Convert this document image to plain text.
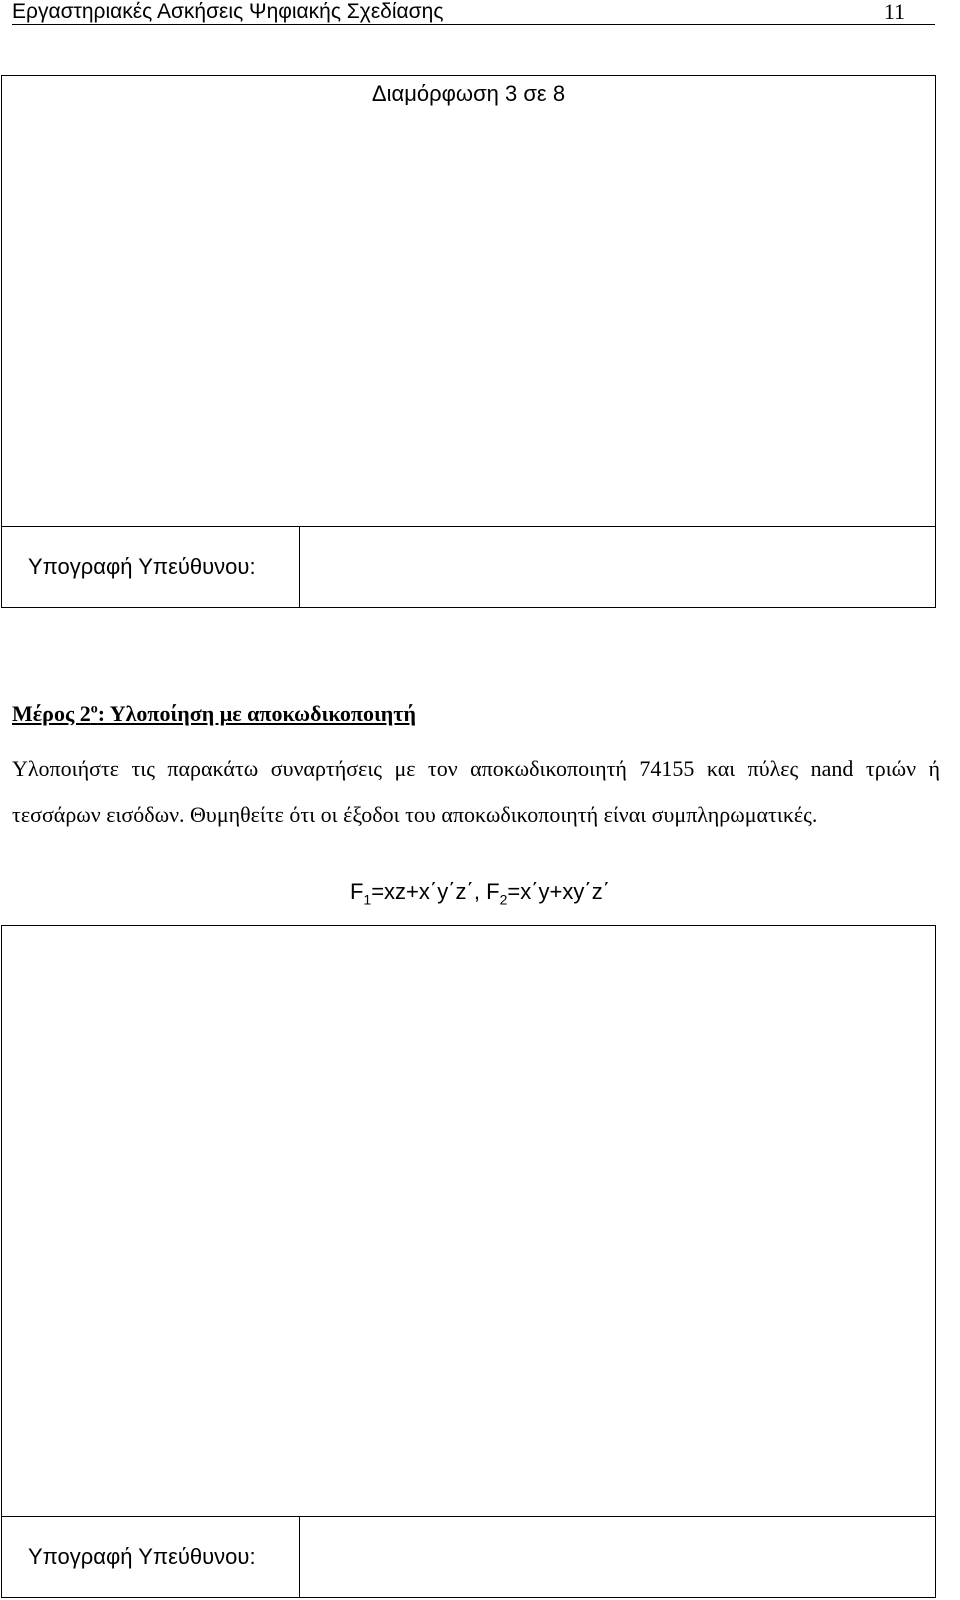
Εργαστηριακές Ασκήσεις Ψηφιακής Σχεδίασης	11
Διαμόρφωση 3 σε 8
Υπογραφή Υπεύθυνου:
Μέρος $2^o$: Υλοποίηση με αποκωδικοποιητή
Υλοποιήστε τις παρακάτω συναρτήσεις με τον αποκωδικοποιητή 74155 και πύλες nand τριών ή τεσσάρων εισόδων. Θυμηθείτε ότι οι έξοδοι του αποκωδικοποιητή είναι συμπληρωματικές.
$F_1=xz+x΄y΄z΄$, $F_2=x΄y+xy΄z΄$
Υπογραφή Υπεύθυνου:
